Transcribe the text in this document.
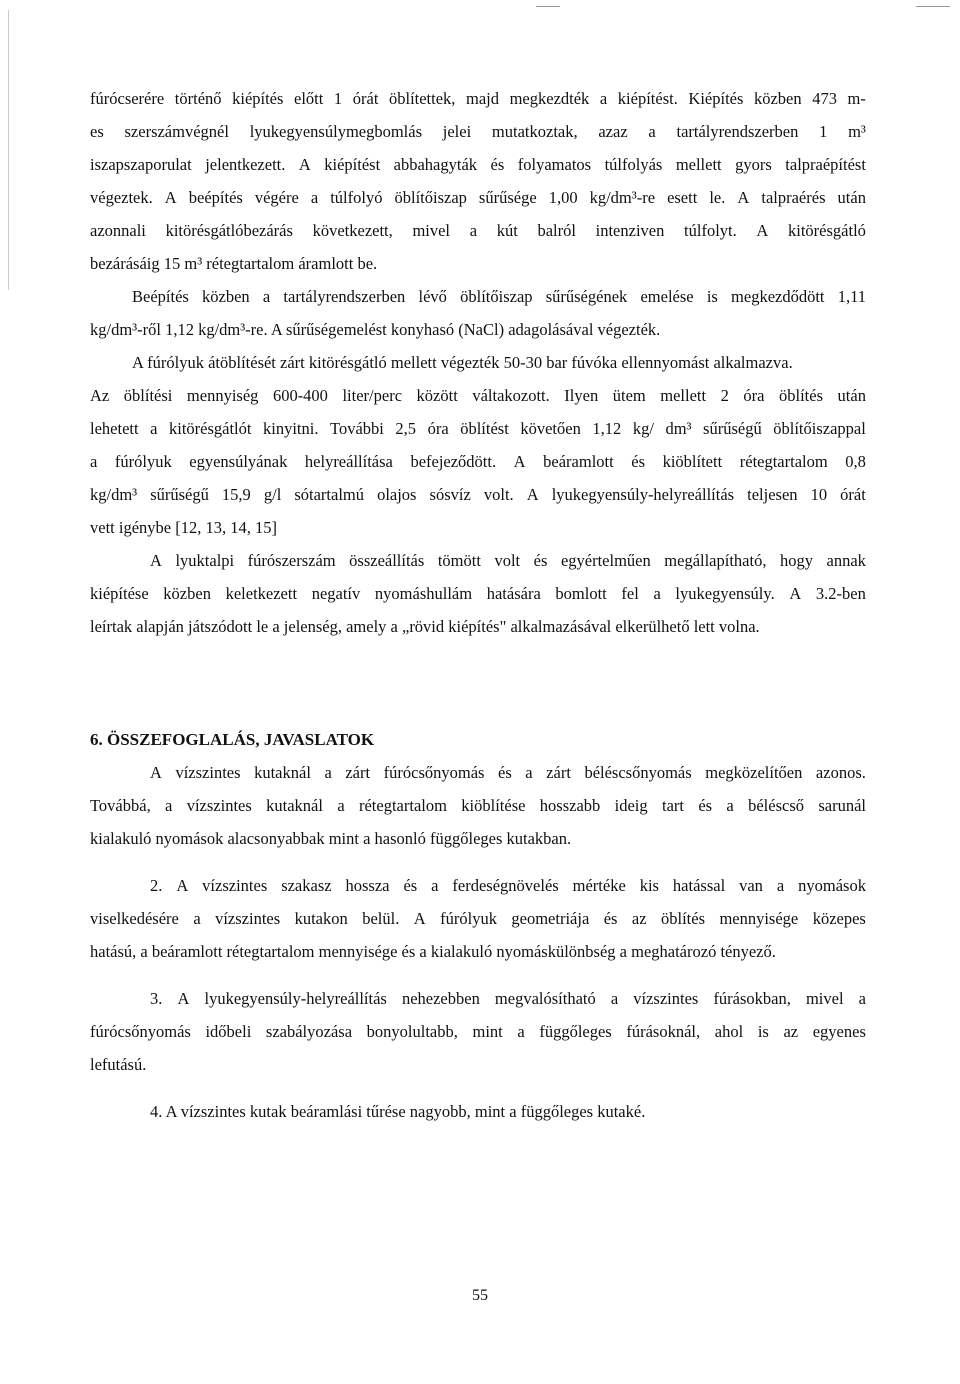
fúrócserére történő kiépítés előtt 1 órát öblítettek, majd megkezdték a kiépítést. Kiépítés közben 473 m-
es szerszámvégnél lyukegyensúlymegbomlás jelei mutatkoztak, azaz a tartályrendszerben 1 m³
iszapszaporulat jelentkezett. A kiépítést abbahagyták és folyamatos túlfolyás mellett gyors talpraépítést
végeztek. A beépítés végére a túlfolyó öblítőiszap sűrűsége 1,00 kg/dm³-re esett le. A talpraérés után
azonnali kitörésgátlóbezárás következett, mivel a kút balról intenziven túlfolyt. A kitörésgátló
bezárásáig 15 m³ rétegtartalom áramlott be.
Beépítés közben a tartályrendszerben lévő öblítőiszap sűrűségének emelése is megkezdődött 1,11
kg/dm³-ről 1,12 kg/dm³-re. A sűrűségemelést konyhasó (NaCl) adagolásával végezték.
A fúrólyuk átöblítését zárt kitörésgátló mellett végezték 50-30 bar fúvóka ellennyomást alkalmazva.
Az öblítési mennyiség 600-400 liter/perc között váltakozott. Ilyen ütem mellett 2 óra öblítés után
lehetett a kitörésgátlót kinyitni. További 2,5 óra öblítést követően 1,12 kg/ dm³ sűrűségű öblítőiszappal
a fúrólyuk egyensúlyának helyreállítása befejeződött. A beáramlott és kiöblített rétegtartalom 0,8
kg/dm³ sűrűségű 15,9 g/l sótartalmú olajos sósvíz volt. A lyukegyensúly-helyreállítás teljesen 10 órát
vett igénybe [12, 13, 14, 15]
A lyuktalpi fúrószerszám összeállítás tömött volt és egyértelműen megállapítható, hogy annak
kiépítése közben keletkezett negatív nyomáshullám hatására bomlott fel a lyukegyensúly. A 3.2-ben
leírtak alapján játszódott le a jelenség, amely a „rövid kiépítés" alkalmazásával elkerülhető lett volna.
6. ÖSSZEFOGLALÁS, JAVASLATOK
A vízszintes kutaknál a zárt fúrócsőnyomás és a zárt béléscsőnyomás megközelítően azonos.
Továbbá, a vízszintes kutaknál a rétegtartalom kiöblítése hosszabb ideig tart és a béléscső sarunál
kialakuló nyomások alacsonyabbak mint a hasonló függőleges kutakban.
2. A vízszintes szakasz hossza és a ferdeségnövelés mértéke kis hatással van a nyomások
viselkedésére a vízszintes kutakon belül. A fúrólyuk geometriája és az öblítés mennyisége közepes
hatású, a beáramlott rétegtartalom mennyisége és a kialakuló nyomáskülönbség a meghatározó tényező.
3. A lyukegyensúly-helyreállítás nehezebben megvalósítható a vízszintes fúrásokban, mivel a
fúrócsőnyomás időbeli szabályozása bonyolultabb, mint a függőleges fúrásoknál, ahol is az egyenes
lefutású.
4. A vízszintes kutak beáramlási tűrése nagyobb, mint a függőleges kutaké.
55
